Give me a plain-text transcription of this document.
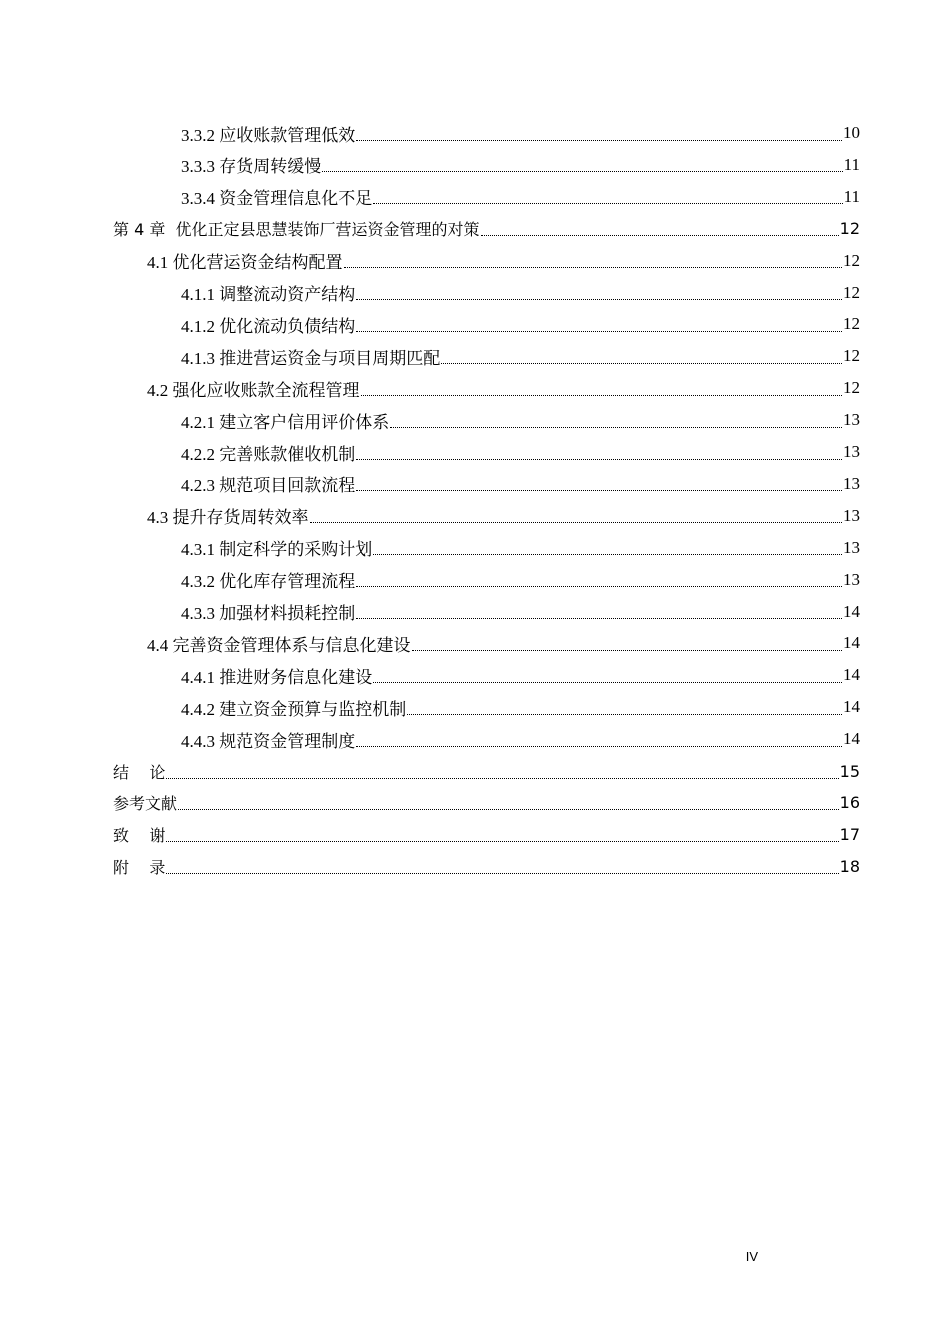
3.3.2 应收账款管理低效	10
3.3.3 存货周转缓慢	11
3.3.4 资金管理信息化不足	11
第 4 章  优化正定县思慧装饰厂营运资金管理的对策	12
4.1 优化营运资金结构配置	12
4.1.1 调整流动资产结构	12
4.1.2 优化流动负债结构	12
4.1.3 推进营运资金与项目周期匹配	12
4.2 强化应收账款全流程管理	12
4.2.1 建立客户信用评价体系	13
4.2.2 完善账款催收机制	13
4.2.3 规范项目回款流程	13
4.3 提升存货周转效率	13
4.3.1 制定科学的采购计划	13
4.3.2 优化库存管理流程	13
4.3.3 加强材料损耗控制	14
4.4 完善资金管理体系与信息化建设	14
4.4.1 推进财务信息化建设	14
4.4.2 建立资金预算与监控机制	14
4.4.3 规范资金管理制度	14
结    论	15
参考文献	16
致    谢	17
附    录	18
IV
